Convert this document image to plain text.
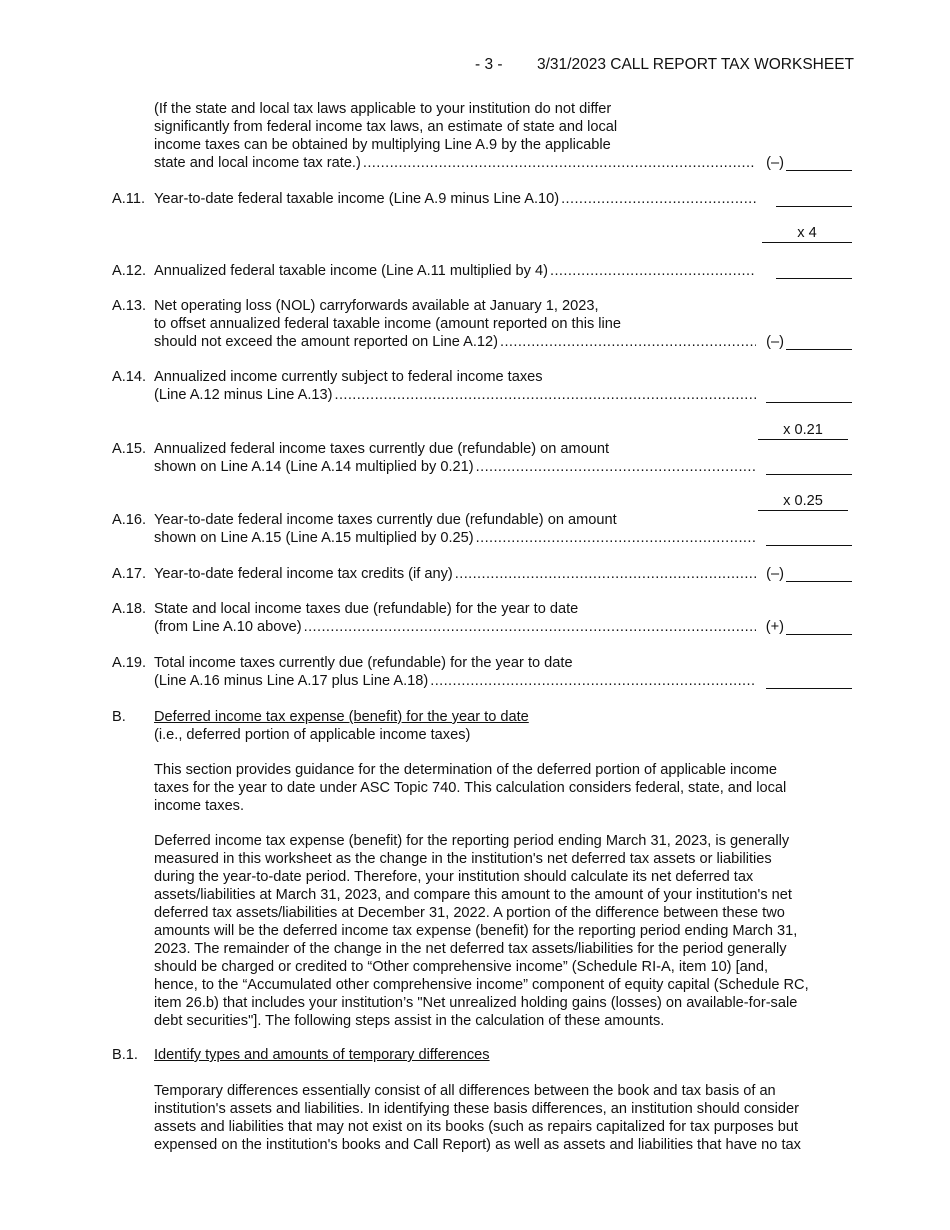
- 3 - 3/31/2023 CALL REPORT TAX WORKSHEET
(If the state and local tax laws applicable to your institution do not differ
significantly from federal income tax laws, an estimate of state and local
income taxes can be obtained by multiplying Line A.9 by the applicable
state and local income tax rate.) .....	(–)
A.11. Year-to-date federal taxable income (Line A.9 minus Line A.10)
.....
x 4
A.12. Annualized federal taxable income (Line A.11 multiplied by 4)
.....
A.13. Net operating loss (NOL) carryforwards available at January 1, 2023,
to offset annualized federal taxable income (amount reported on this line
should not exceed the amount reported on Line A.12) .....	(–)
A.14. Annualized income currently subject to federal income taxes
(Line A.12 minus Line A.13)
.....
x 0.21
A.15. Annualized federal income taxes currently due (refundable) on amount
shown on Line A.14 (Line A.14 multiplied by 0.21)
.....
x 0.25
A.16. Year-to-date federal income taxes currently due (refundable) on amount
shown on Line A.15 (Line A.15 multiplied by 0.25)
.....
A.17. Year-to-date federal income tax credits (if any) .....	(–)
A.18. State and local income taxes due (refundable) for the year to date
(from Line A.10 above) .....	(+)
A.19. Total income taxes currently due (refundable) for the year to date
(Line A.16 minus Line A.17 plus Line A.18)
.....
B.	Deferred income tax expense (benefit) for the year to date
(i.e., deferred portion of applicable income taxes)
This section provides guidance for the determination of the deferred portion of applicable income
taxes for the year to date under ASC Topic 740. This calculation considers federal, state, and local
income taxes.
Deferred income tax expense (benefit) for the reporting period ending March 31, 2023, is generally
measured in this worksheet as the change in the institution's net deferred tax assets or liabilities
during the year-to-date period. Therefore, your institution should calculate its net deferred tax
assets/liabilities at March 31, 2023, and compare this amount to the amount of your institution's net
deferred tax assets/liabilities at December 31, 2022. A portion of the difference between these two
amounts will be the deferred income tax expense (benefit) for the reporting period ending March 31,
2023. The remainder of the change in the net deferred tax assets/liabilities for the period generally
should be charged or credited to “Other comprehensive income” (Schedule RI-A, item 10) [and,
hence, to the “Accumulated other comprehensive income” component of equity capital (Schedule RC,
item 26.b) that includes your institution’s "Net unrealized holding gains (losses) on available-for-sale
debt securities"]. The following steps assist in the calculation of these amounts.
B.1.	Identify types and amounts of temporary differences
Temporary differences essentially consist of all differences between the book and tax basis of an
institution's assets and liabilities. In identifying these basis differences, an institution should consider
assets and liabilities that may not exist on its books (such as repairs capitalized for tax purposes but
expensed on the institution's books and Call Report) as well as assets and liabilities that have no tax
